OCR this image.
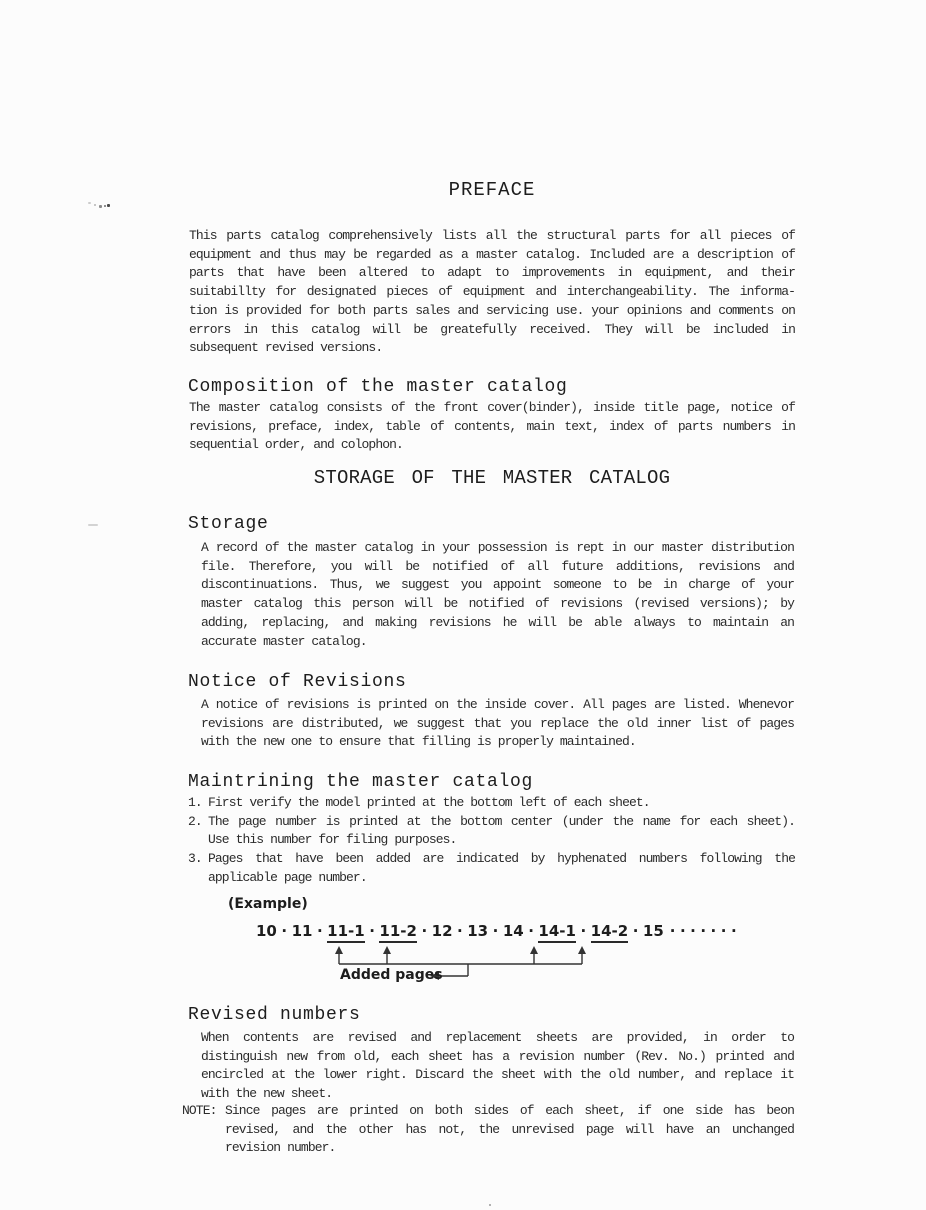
PREFACE
This parts catalog comprehensively lists all the structural parts for all pieces of
equipment and thus may be regarded as a master catalog. Included are a description of
parts that have been altered to adapt to improvements in equipment, and their
suitabillty for designated pieces of equipment and interchangeability. The informa-
tion is provided for both parts sales and servicing use. your opinions and comments on
errors in this catalog will be greatefully received. They will be included in
subsequent revised versions.
Composition of the master catalog
The master catalog consists of the front cover(binder), inside title page, notice of
revisions, preface, index, table of contents, main text, index of parts numbers in
sequential order, and colophon.
STORAGE OF THE MASTER CATALOG
Storage
A record of the master catalog in your possession is rept in our master distribution
file. Therefore, you will be notified of all future additions, revisions and
discontinuations. Thus, we suggest you appoint someone to be in charge of your
master catalog this person will be notified of revisions (revised versions); by
adding, replacing, and making revisions he will be able always to maintain an
accurate master catalog.
Notice of Revisions
A notice of revisions is printed on the inside cover. All pages are listed. Whenevor
revisions are distributed, we suggest that you replace the old inner list of pages
with the new one to ensure that filling is properly maintained.
Maintrining the master catalog
1. First verify the model printed at the bottom left of each sheet.
2. The page number is printed at the bottom center (under the name for each sheet).
Use this number for filing purposes.
3. Pages that have been added are indicated by hyphenated numbers following the
applicable page number.
(Example)
10 · 11 · 11-1 · 11-2 · 12 · 13 · 14 · 14-1 · 14-2 · 15 ·······
Added pages
Revised numbers
When contents are revised and replacement sheets are provided, in order to
distinguish new from old, each sheet has a revision number (Rev. No.) printed and
encircled at the lower right. Discard the sheet with the old number, and replace it
with the new sheet.
NOTE: Since pages are printed on both sides of each sheet, if one side has beon
revised, and the other has not, the unrevised page will have an unchanged
revision number.
